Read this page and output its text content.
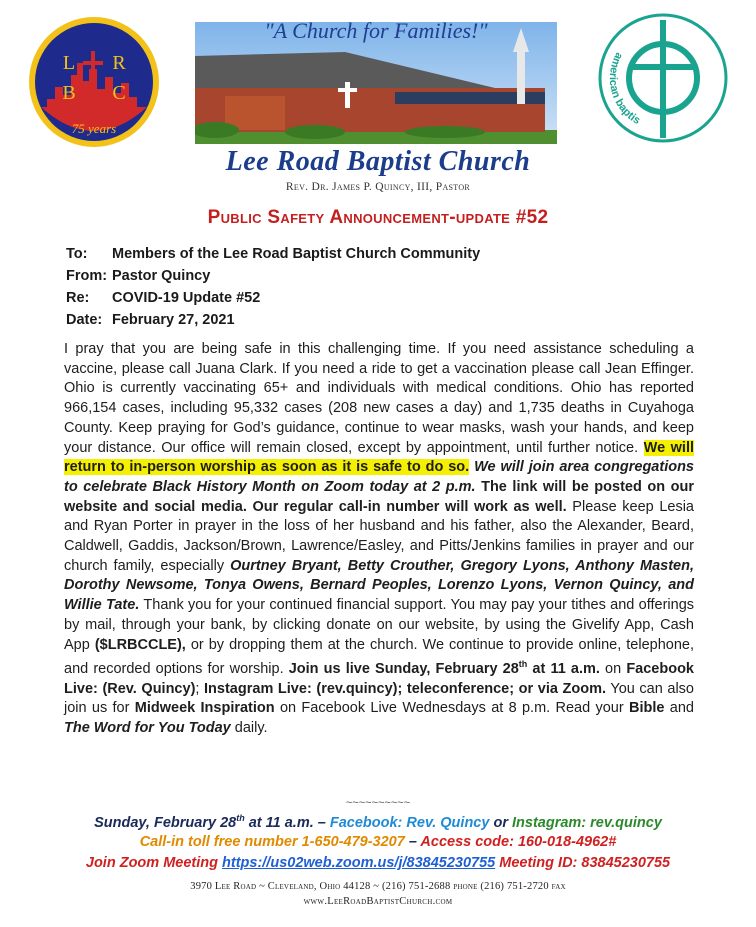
L R
B C
75 years
"A Church for Families!"
american baptis
Lee Road Baptist Church
Rev. Dr. James P. Quincy, III, Pastor
Public Safety Announcement-update #52
To: Members of the Lee Road Baptist Church Community
From: Pastor Quincy
Re: COVID-19 Update #52
Date: February 27, 2021
I pray that you are being safe in this challenging time. If you need assistance scheduling a vaccine, please call Juana Clark. If you need a ride to get a vaccination please call Jean Effinger. Ohio is currently vaccinating 65+ and individuals with medical conditions. Ohio has reported 966,154 cases, including 95,332 cases (208 new cases a day) and 1,735 deaths in Cuyahoga County. Keep praying for God’s guidance, continue to wear masks, wash your hands, and keep your distance. Our office will remain closed, except by appointment, until further notice. We will return to in-person worship as soon as it is safe to do so. We will join area congregations to celebrate Black History Month on Zoom today at 2 p.m. The link will be posted on our website and social media. Our regular call-in number will work as well. Please keep Lesia and Ryan Porter in prayer in the loss of her husband and his father, also the Alexander, Beard, Caldwell, Gaddis, Jackson/Brown, Lawrence/Easley, and Pitts/Jenkins families in prayer and our church family, especially Ourtney Bryant, Betty Crouther, Gregory Lyons, Anthony Masten, Dorothy Newsome, Tonya Owens, Bernard Peoples, Lorenzo Lyons, Vernon Quincy, and Willie Tate. Thank you for your continued financial support. You may pay your tithes and offerings by mail, through your bank, by clicking donate on our website, by using the Givelify App, Cash App ($LRBCCLE), or by dropping them at the church. We continue to provide online, telephone, and recorded options for worship. Join us live Sunday, February 28th at 11 a.m. on Facebook Live: (Rev. Quincy); Instagram Live: (rev.quincy); teleconference; or via Zoom. You can also join us for Midweek Inspiration on Facebook Live Wednesdays at 8 p.m. Read your Bible and The Word for You Today daily.
~~~~~~~~~~
Sunday, February 28th at 11 a.m. – Facebook: Rev. Quincy or Instagram: rev.quincy
Call-in toll free number 1-650-479-3207 – Access code: 160-018-4962#
Join Zoom Meeting https://us02web.zoom.us/j/83845230755 Meeting ID: 83845230755
3970 Lee Road ~ Cleveland, Ohio 44128 ~ (216) 751-2688 phone (216) 751-2720 fax
www.LeeRoadBaptistChurch.com
